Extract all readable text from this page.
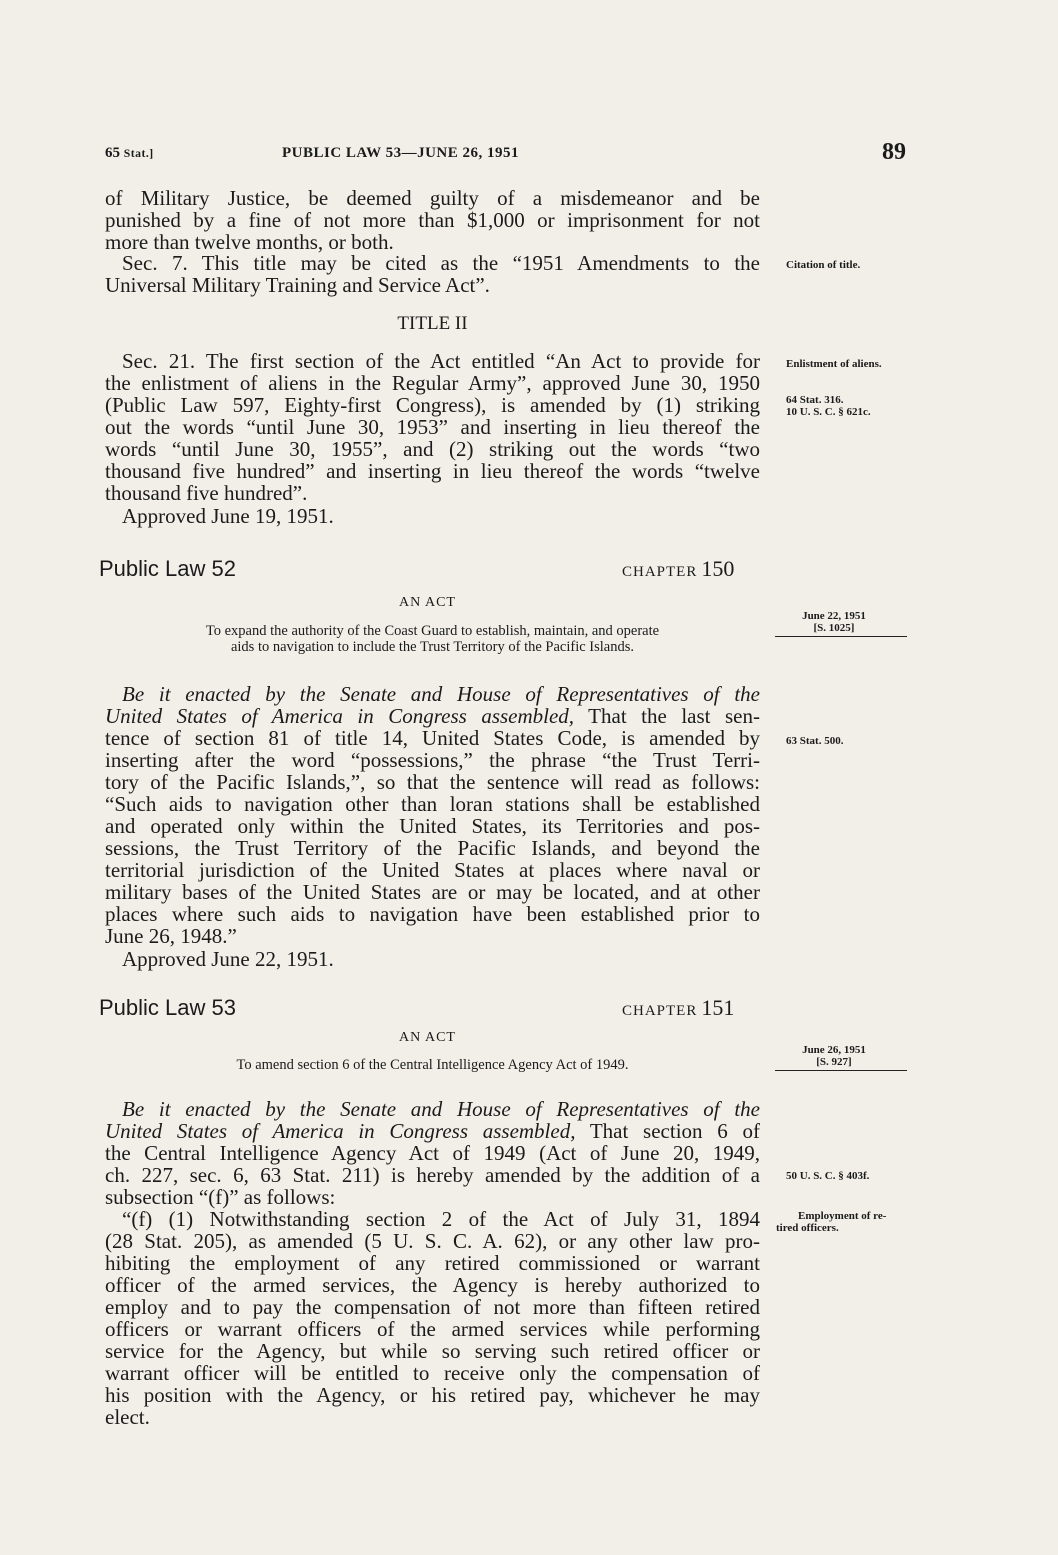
65 Stat.]	PUBLIC LAW 53—JUNE 26, 1951	89
of Military Justice, be deemed guilty of a misdemeanor and be
punished by a fine of not more than $1,000 or imprisonment for not
more than twelve months, or both.
Sec. 7. This title may be cited as the “1951 Amendments to the
Universal Military Training and Service Act”.
Citation of title.
TITLE II
Sec. 21. The first section of the Act entitled “An Act to provide for
the enlistment of aliens in the Regular Army”, approved June 30, 1950
(Public Law 597, Eighty-first Congress), is amended by (1) striking
out the words “until June 30, 1953” and inserting in lieu thereof the
words “until June 30, 1955”, and (2) striking out the words “two
thousand five hundred” and inserting in lieu thereof the words “twelve
thousand five hundred”.
Approved June 19, 1951.
Enlistment of aliens.
64 Stat. 316.
10 U. S. C. § 621c.
Public Law 52	CHAPTER 150
AN ACT
To expand the authority of the Coast Guard to establish, maintain, and operate
aids to navigation to include the Trust Territory of the Pacific Islands.
June 22, 1951
[S. 1025]
Be it enacted by the Senate and House of Representatives of the
United States of America in Congress assembled, That the last sen-
tence of section 81 of title 14, United States Code, is amended by
inserting after the word “possessions,” the phrase “the Trust Terri-
tory of the Pacific Islands,”, so that the sentence will read as follows:
“Such aids to navigation other than loran stations shall be established
and operated only within the United States, its Territories and pos-
sessions, the Trust Territory of the Pacific Islands, and beyond the
territorial jurisdiction of the United States at places where naval or
military bases of the United States are or may be located, and at other
places where such aids to navigation have been established prior to
June 26, 1948.”
Approved June 22, 1951.
63 Stat. 500.
Public Law 53	CHAPTER 151
AN ACT
To amend section 6 of the Central Intelligence Agency Act of 1949.
June 26, 1951
[S. 927]
Be it enacted by the Senate and House of Representatives of the
United States of America in Congress assembled, That section 6 of
the Central Intelligence Agency Act of 1949 (Act of June 20, 1949,
ch. 227, sec. 6, 63 Stat. 211) is hereby amended by the addition of a
subsection “(f)” as follows:
50 U. S. C. § 403f.
“(f) (1) Notwithstanding section 2 of the Act of July 31, 1894
(28 Stat. 205), as amended (5 U. S. C. A. 62), or any other law pro-
hibiting the employment of any retired commissioned or warrant
officer of the armed services, the Agency is hereby authorized to
employ and to pay the compensation of not more than fifteen retired
officers or warrant officers of the armed services while performing
service for the Agency, but while so serving such retired officer or
warrant officer will be entitled to receive only the compensation of
his position with the Agency, or his retired pay, whichever he may
elect.
Employment of re-
tired officers.
